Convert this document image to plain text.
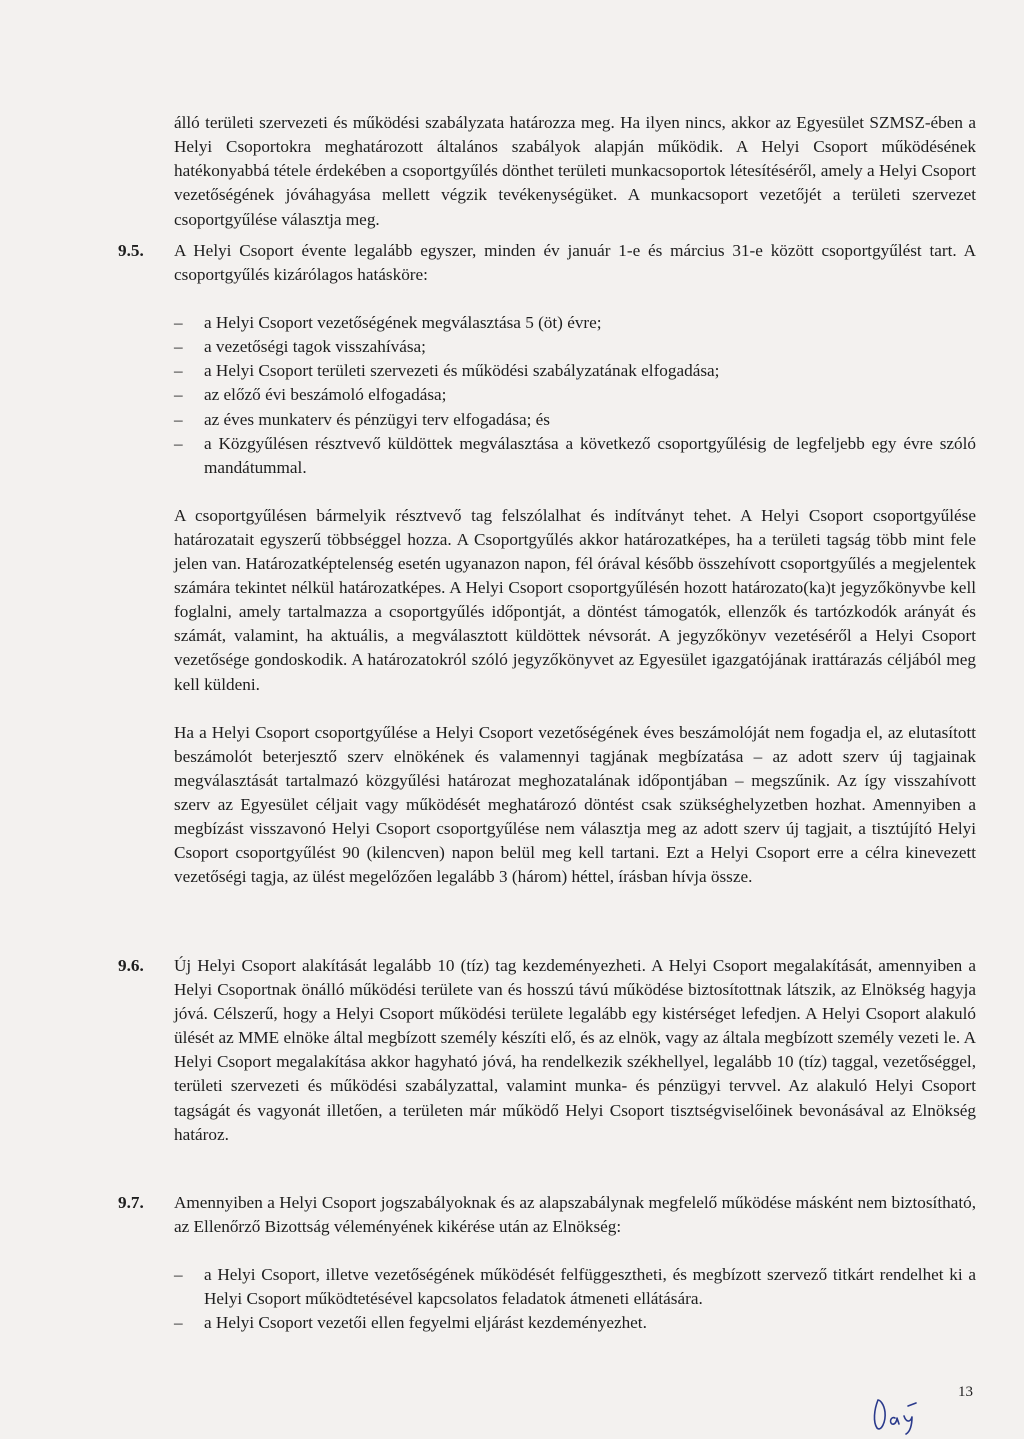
álló területi szervezeti és működési szabályzata határozza meg. Ha ilyen nincs, akkor az Egyesület SZMSZ-ében a Helyi Csoportokra meghatározott általános szabályok alapján működik. A Helyi Csoport működésének hatékonyabbá tétele érdekében a csoportgyűlés dönthet területi munkacsoportok létesítéséről, amely a Helyi Csoport vezetőségének jóváhagyása mellett végzik tevékenységüket. A munkacsoport vezetőjét a területi szervezet csoportgyűlése választja meg.

9.5. A Helyi Csoport évente legalább egyszer, minden év január 1-e és március 31-e között csoportgyűlést tart. A csoportgyűlés kizárólagos hatásköre:

– a Helyi Csoport vezetőségének megválasztása 5 (öt) évre;
– a vezetőségi tagok visszahívása;
– a Helyi Csoport területi szervezeti és működési szabályzatának elfogadása;
– az előző évi beszámoló elfogadása;
– az éves munkaterv és pénzügyi terv elfogadása; és
– a Közgyűlésen résztvevő küldöttek megválasztása a következő csoportgyűlésig de legfeljebb egy évre szóló mandátummal.

A csoportgyűlésen bármelyik résztvevő tag felszólalhat és indítványt tehet. A Helyi Csoport csoportgyűlése határozatait egyszerű többséggel hozza. A Csoportgyűlés akkor határozatképes, ha a területi tagság több mint fele jelen van. Határozatképtelenség esetén ugyanazon napon, fél órával később összehívott csoportgyűlés a megjelentek számára tekintet nélkül határozatképes. A Helyi Csoport csoportgyűlésén hozott határozato(ka)t jegyzőkönyvbe kell foglalni, amely tartalmazza a csoportgyűlés időpontját, a döntést támogatók, ellenzők és tartózkodók arányát és számát, valamint, ha aktuális, a megválasztott küldöttek névsorát. A jegyzőkönyv vezetéséről a Helyi Csoport vezetősége gondoskodik. A határozatokról szóló jegyzőkönyvet az Egyesület igazgatójának irattárazás céljából meg kell küldeni.

Ha a Helyi Csoport csoportgyűlése a Helyi Csoport vezetőségének éves beszámolóját nem fogadja el, az elutasított beszámolót beterjesztő szerv elnökének és valamennyi tagjának megbízatása – az adott szerv új tagjainak megválasztását tartalmazó közgyűlési határozat meghozatalának időpontjában – megszűnik. Az így visszahívott szerv az Egyesület céljait vagy működését meghatározó döntést csak szükséghelyzetben hozhat. Amennyiben a megbízást visszavonó Helyi Csoport csoportgyűlése nem választja meg az adott szerv új tagjait, a tisztújító Helyi Csoport csoportgyűlést 90 (kilencven) napon belül meg kell tartani. Ezt a Helyi Csoport erre a célra kinevezett vezetőségi tagja, az ülést megelőzően legalább 3 (három) héttel, írásban hívja össze.

9.6. Új Helyi Csoport alakítását legalább 10 (tíz) tag kezdeményezheti. A Helyi Csoport megalakítását, amennyiben a Helyi Csoportnak önálló működési területe van és hosszú távú működése biztosítottnak látszik, az Elnökség hagyja jóvá. Célszerű, hogy a Helyi Csoport működési területe legalább egy kistérséget lefedjen. A Helyi Csoport alakuló ülését az MME elnöke által megbízott személy készíti elő, és az elnök, vagy az általa megbízott személy vezeti le. A Helyi Csoport megalakítása akkor hagyható jóvá, ha rendelkezik székhellyel, legalább 10 (tíz) taggal, vezetőséggel, területi szervezeti és működési szabályzattal, valamint munka- és pénzügyi tervvel. Az alakuló Helyi Csoport tagságát és vagyonát illetően, a területen már működő Helyi Csoport tisztségviselőinek bevonásával az Elnökség határoz.

9.7. Amennyiben a Helyi Csoport jogszabályoknak és az alapszabálynak megfelelő működése másként nem biztosítható, az Ellenőrző Bizottság véleményének kikérése után az Elnökség:

– a Helyi Csoport, illetve vezetőségének működését felfüggesztheti, és megbízott szervező titkárt rendelhet ki a Helyi Csoport működtetésével kapcsolatos feladatok átmeneti ellátására.
– a Helyi Csoport vezetői ellen fegyelmi eljárást kezdeményezhet.
13
